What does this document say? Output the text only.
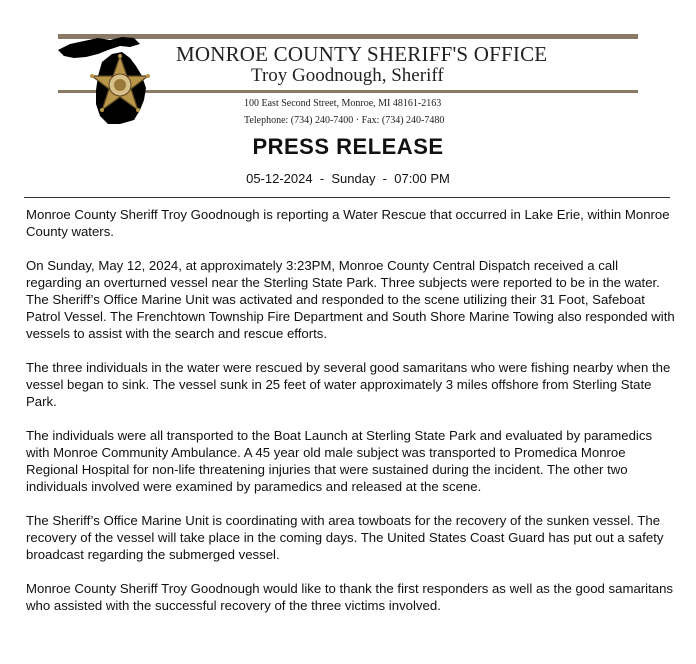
MONROE COUNTY SHERIFF'S OFFICE
Troy Goodnough, Sheriff
100 East Second Street, Monroe, MI 48161-2163
Telephone: (734) 240-7400 · Fax: (734) 240-7480
PRESS RELEASE
05-12-2024  -  Sunday  -  07:00 PM

Monroe County Sheriff Troy Goodnough is reporting a Water Rescue that occurred in Lake Erie, within Monroe County waters.

On Sunday, May 12, 2024, at approximately 3:23PM, Monroe County Central Dispatch received a call regarding an overturned vessel near the Sterling State Park. Three subjects were reported to be in the water. The Sheriff’s Office Marine Unit was activated and responded to the scene utilizing their 31 Foot, Safeboat Patrol Vessel. The Frenchtown Township Fire Department and South Shore Marine Towing also responded with vessels to assist with the search and rescue efforts.

The three individuals in the water were rescued by several good samaritans who were fishing nearby when the vessel began to sink. The vessel sunk in 25 feet of water approximately 3 miles offshore from Sterling State Park.

The individuals were all transported to the Boat Launch at Sterling State Park and evaluated by paramedics with Monroe Community Ambulance. A 45 year old male subject was transported to Promedica Monroe Regional Hospital for non-life threatening injuries that were sustained during the incident. The other two individuals involved were examined by paramedics and released at the scene.

The Sheriff’s Office Marine Unit is coordinating with area towboats for the recovery of the sunken vessel. The recovery of the vessel will take place in the coming days. The United States Coast Guard has put out a safety broadcast regarding the submerged vessel.

Monroe County Sheriff Troy Goodnough would like to thank the first responders as well as the good samaritans who assisted with the successful recovery of the three victims involved.
